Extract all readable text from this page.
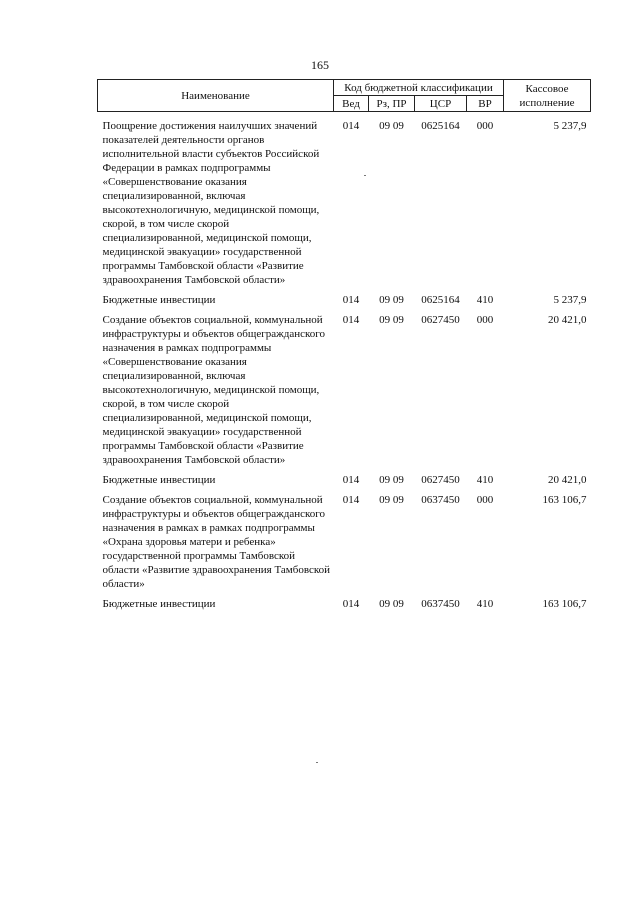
165
Наименование	Код бюджетной классификации				Кассовое исполнение
	Вед	Рз, ПР	ЦСР	ВР	
Поощрение достижения наилучших значений показателей деятельности органов исполнительной власти субъектов Российской Федерации в рамках подпрограммы «Совершенствование оказания специализированной, включая высокотехнологичную, медицинской помощи, скорой, в том числе скорой специализированной, медицинской помощи, медицинской эвакуации» государственной программы Тамбовской области «Развитие здравоохранения Тамбовской области»	014	09 09	0625164	000	5 237,9
Бюджетные инвестиции	014	09 09	0625164	410	5 237,9
Создание объектов социальной, коммунальной инфраструктуры и объектов общегражданского назначения в рамках подпрограммы «Совершенствование оказания специализированной, включая высокотехнологичную, медицинской помощи, скорой, в том числе скорой специализированной, медицинской помощи, медицинской эвакуации» государственной программы Тамбовской области «Развитие здравоохранения Тамбовской области»	014	09 09	0627450	000	20 421,0
Бюджетные инвестиции	014	09 09	0627450	410	20 421,0
Создание объектов социальной, коммунальной инфраструктуры и объектов общегражданского назначения в рамках в рамках подпрограммы «Охрана здоровья матери и ребенка» государственной программы Тамбовской области «Развитие здравоохранения Тамбовской области»	014	09 09	0637450	000	163 106,7
Бюджетные инвестиции	014	09 09	0637450	410	163 106,7
